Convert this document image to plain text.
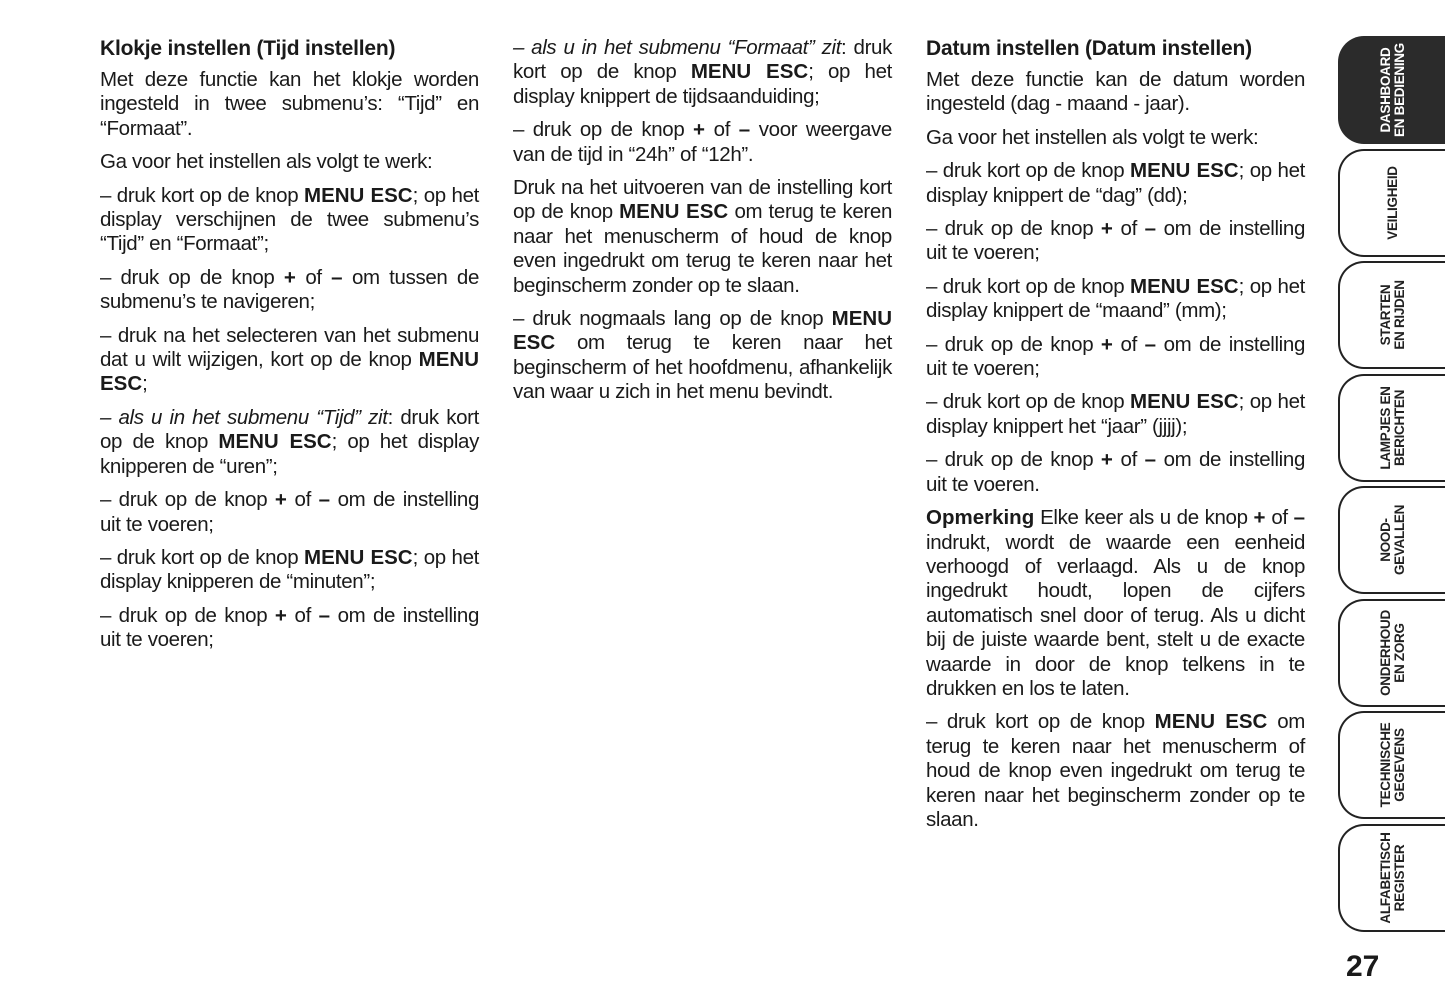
Klokje instellen (Tijd instellen)

Met deze functie kan het klokje worden ingesteld in twee submenu’s: “Tijd” en “Formaat”.

Ga voor het instellen als volgt te werk:

– druk kort op de knop MENU ESC; op het display verschijnen de twee submenu’s “Tijd” en “Formaat”;

– druk op de knop + of – om tussen de submenu’s te navigeren;

– druk na het selecteren van het submenu dat u wilt wijzigen, kort op de knop MENU ESC;

– als u in het submenu “Tijd” zit: druk kort op de knop MENU ESC; op het display knipperen de “uren”;

– druk op de knop + of – om de instelling uit te voeren;

– druk kort op de knop MENU ESC; op het display knipperen de “minuten”;

– druk op de knop + of – om de instelling uit te voeren;

– als u in het submenu “Formaat” zit: druk kort op de knop MENU ESC; op het display knippert de tijdsaanduiding;

– druk op de knop + of – voor weergave van de tijd in “24h” of “12h”.

Druk na het uitvoeren van de instelling kort op de knop MENU ESC om terug te keren naar het menuscherm of houd de knop even ingedrukt om terug te keren naar het beginscherm zonder op te slaan.

– druk nogmaals lang op de knop MENU ESC om terug te keren naar het beginscherm of het hoofdmenu, afhankelijk van waar u zich in het menu bevindt.

Datum instellen (Datum instellen)

Met deze functie kan de datum worden ingesteld (dag - maand - jaar).

Ga voor het instellen als volgt te werk:

– druk kort op de knop MENU ESC; op het display knippert de “dag” (dd);

– druk op de knop + of – om de instelling uit te voeren;

– druk kort op de knop MENU ESC; op het display knippert de “maand” (mm);

– druk op de knop + of – om de instelling uit te voeren;

– druk kort op de knop MENU ESC; op het display knippert het “jaar” (jjjj);

– druk op de knop + of – om de instelling uit te voeren.

Opmerking Elke keer als u de knop + of – indrukt, wordt de waarde een eenheid verhoogd of verlaagd. Als u de knop ingedrukt houdt, lopen de cijfers automatisch snel door of terug. Als u dicht bij de juiste waarde bent, stelt u de exacte waarde in door de knop telkens in te drukken en los te laten.

– druk kort op de knop MENU ESC om terug te keren naar het menuscherm of houd de knop even ingedrukt om terug te keren naar het beginscherm zonder op te slaan.

DASHBOARD
EN BEDIENING
VEILIGHEID
STARTEN
EN RIJDEN
LAMPJES EN
BERICHTEN
NOOD-
GEVALLEN
ONDERHOUD
EN ZORG
TECHNISCHE
GEGEVENS
ALFABETISCH
REGISTER
27
